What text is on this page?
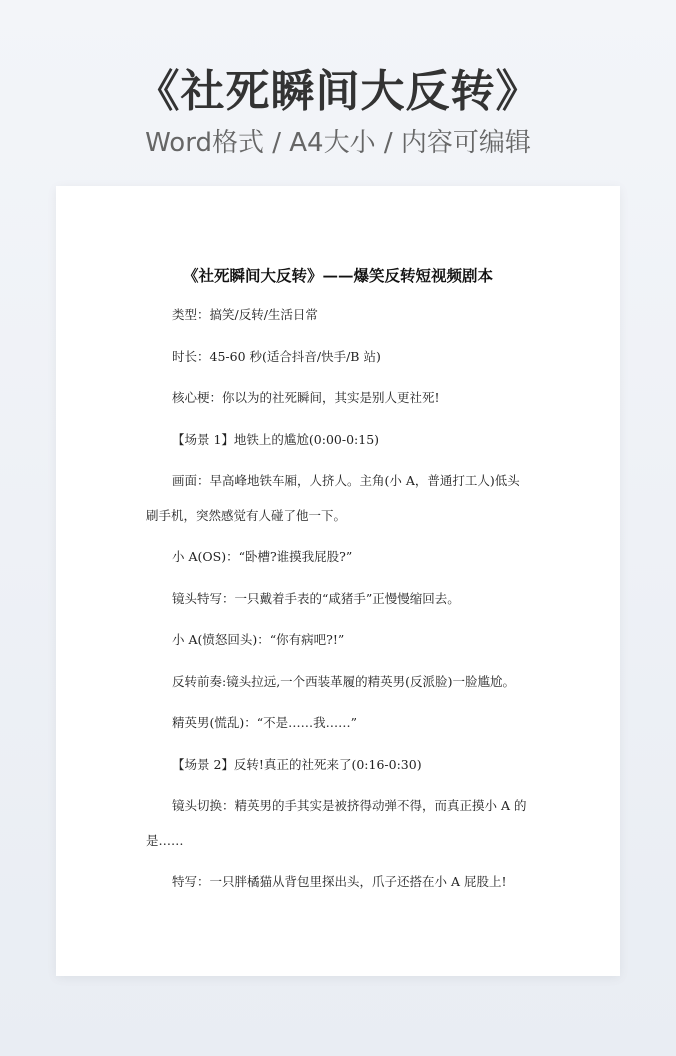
《社死瞬间大反转》
Word格式 / A4大小 / 内容可编辑
《社死瞬间大反转》——爆笑反转短视频剧本

类型：搞笑/反转/生活日常

时长：45-60 秒(适合抖音/快手/B 站)

核心梗：你以为的社死瞬间，其实是别人更社死!

【场景 1】地铁上的尴尬(0:00-0:15)

画面：早高峰地铁车厢，人挤人。主角(小 A，普通打工人)低头刷手机，突然感觉有人碰了他一下。

小 A(OS)：“卧槽?谁摸我屁股?”

镜头特写：一只戴着手表的“咸猪手”正慢慢缩回去。

小 A(愤怒回头)：“你有病吧?!”

反转前奏:镜头拉远,一个西装革履的精英男(反派脸)一脸尴尬。

精英男(慌乱)：“不是……我……”

【场景 2】反转!真正的社死来了(0:16-0:30)

镜头切换：精英男的手其实是被挤得动弹不得，而真正摸小 A 的是……

特写：一只胖橘猫从背包里探出头，爪子还搭在小 A 屁股上!
